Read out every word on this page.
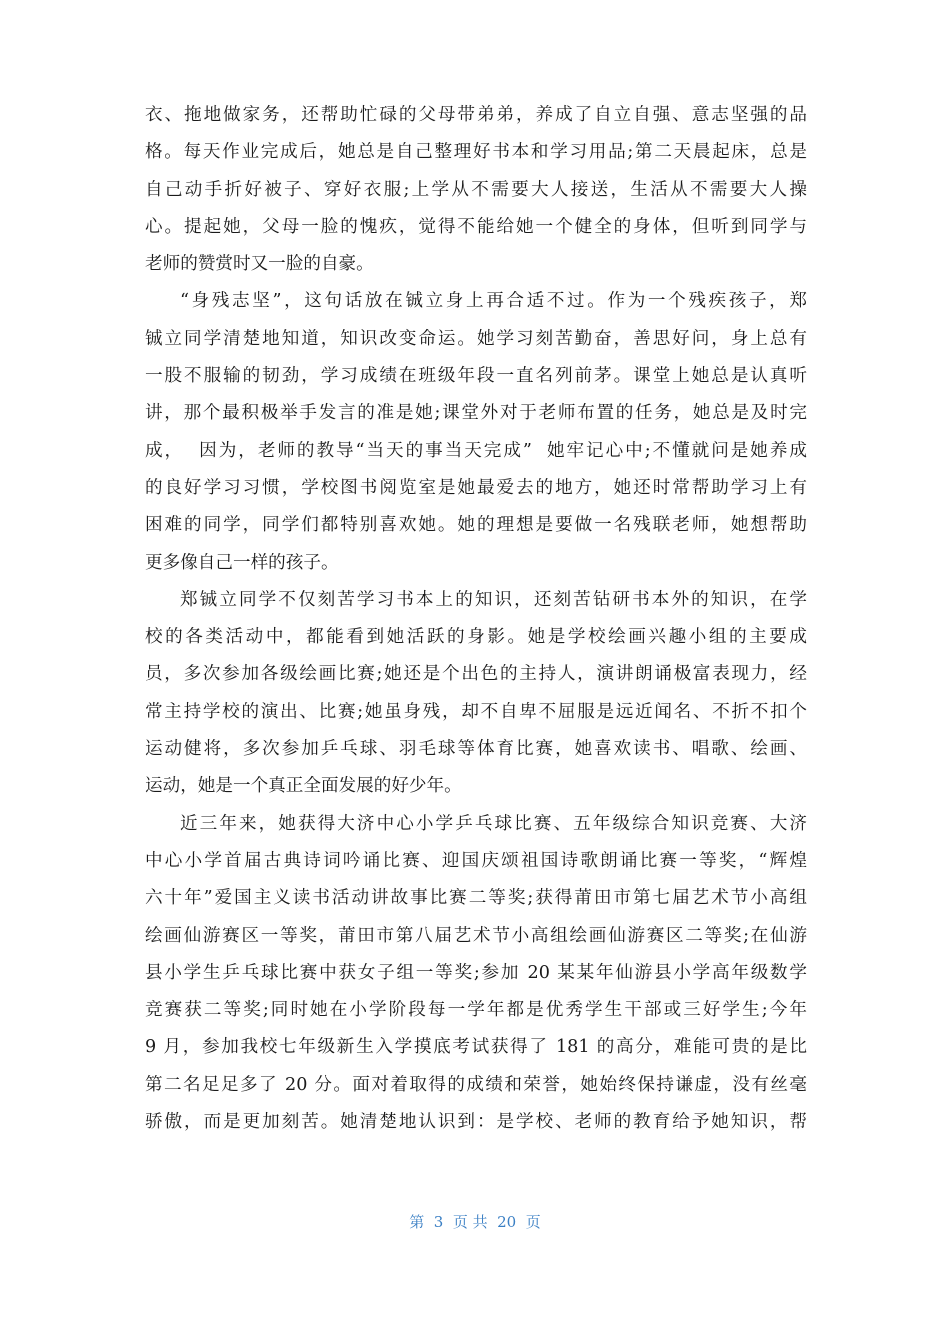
衣、拖地做家务，还帮助忙碌的父母带弟弟，养成了自立自强、意志坚强的品
格。每天作业完成后，她总是自己整理好书本和学习用品;第二天晨起床，总是
自己动手折好被子、穿好衣服;上学从不需要大人接送，生活从不需要大人操
心。提起她，父母一脸的愧疚，觉得不能给她一个健全的身体，但听到同学与
老师的赞赏时又一脸的自豪。
“身残志坚”，这句话放在铖立身上再合适不过。作为一个残疾孩子，郑
铖立同学清楚地知道，知识改变命运。她学习刻苦勤奋，善思好问，身上总有
一股不服输的韧劲，学习成绩在班级年段一直名列前茅。课堂上她总是认真听
讲，那个最积极举手发言的准是她;课堂外对于老师布置的任务，她总是及时完
成，  因为，老师的教导“当天的事当天完成”  她牢记心中;不懂就问是她养成
的良好学习习惯，学校图书阅览室是她最爱去的地方，她还时常帮助学习上有
困难的同学，同学们都特别喜欢她。她的理想是要做一名残联老师，她想帮助
更多像自己一样的孩子。
郑铖立同学不仅刻苦学习书本上的知识，还刻苦钻研书本外的知识，在学
校的各类活动中，都能看到她活跃的身影。她是学校绘画兴趣小组的主要成
员，多次参加各级绘画比赛;她还是个出色的主持人，演讲朗诵极富表现力，经
常主持学校的演出、比赛;她虽身残，却不自卑不屈服是远近闻名、不折不扣个
运动健将，多次参加乒乓球、羽毛球等体育比赛，她喜欢读书、唱歌、绘画、
运动，她是一个真正全面发展的好少年。
近三年来，她获得大济中心小学乒乓球比赛、五年级综合知识竞赛、大济
中心小学首届古典诗词吟诵比赛、迎国庆颂祖国诗歌朗诵比赛一等奖，“辉煌
六十年”爱国主义读书活动讲故事比赛二等奖;获得莆田市第七届艺术节小高组
绘画仙游赛区一等奖，莆田市第八届艺术节小高组绘画仙游赛区二等奖;在仙游
县小学生乒乓球比赛中获女子组一等奖;参加 20 某某年仙游县小学高年级数学
竞赛获二等奖;同时她在小学阶段每一学年都是优秀学生干部或三好学生;今年
9 月，参加我校七年级新生入学摸底考试获得了 181 的高分，难能可贵的是比
第二名足足多了 20 分。面对着取得的成绩和荣誉，她始终保持谦虚，没有丝毫
骄傲，而是更加刻苦。她清楚地认识到：是学校、老师的教育给予她知识，帮
第  3  页 共  20  页
